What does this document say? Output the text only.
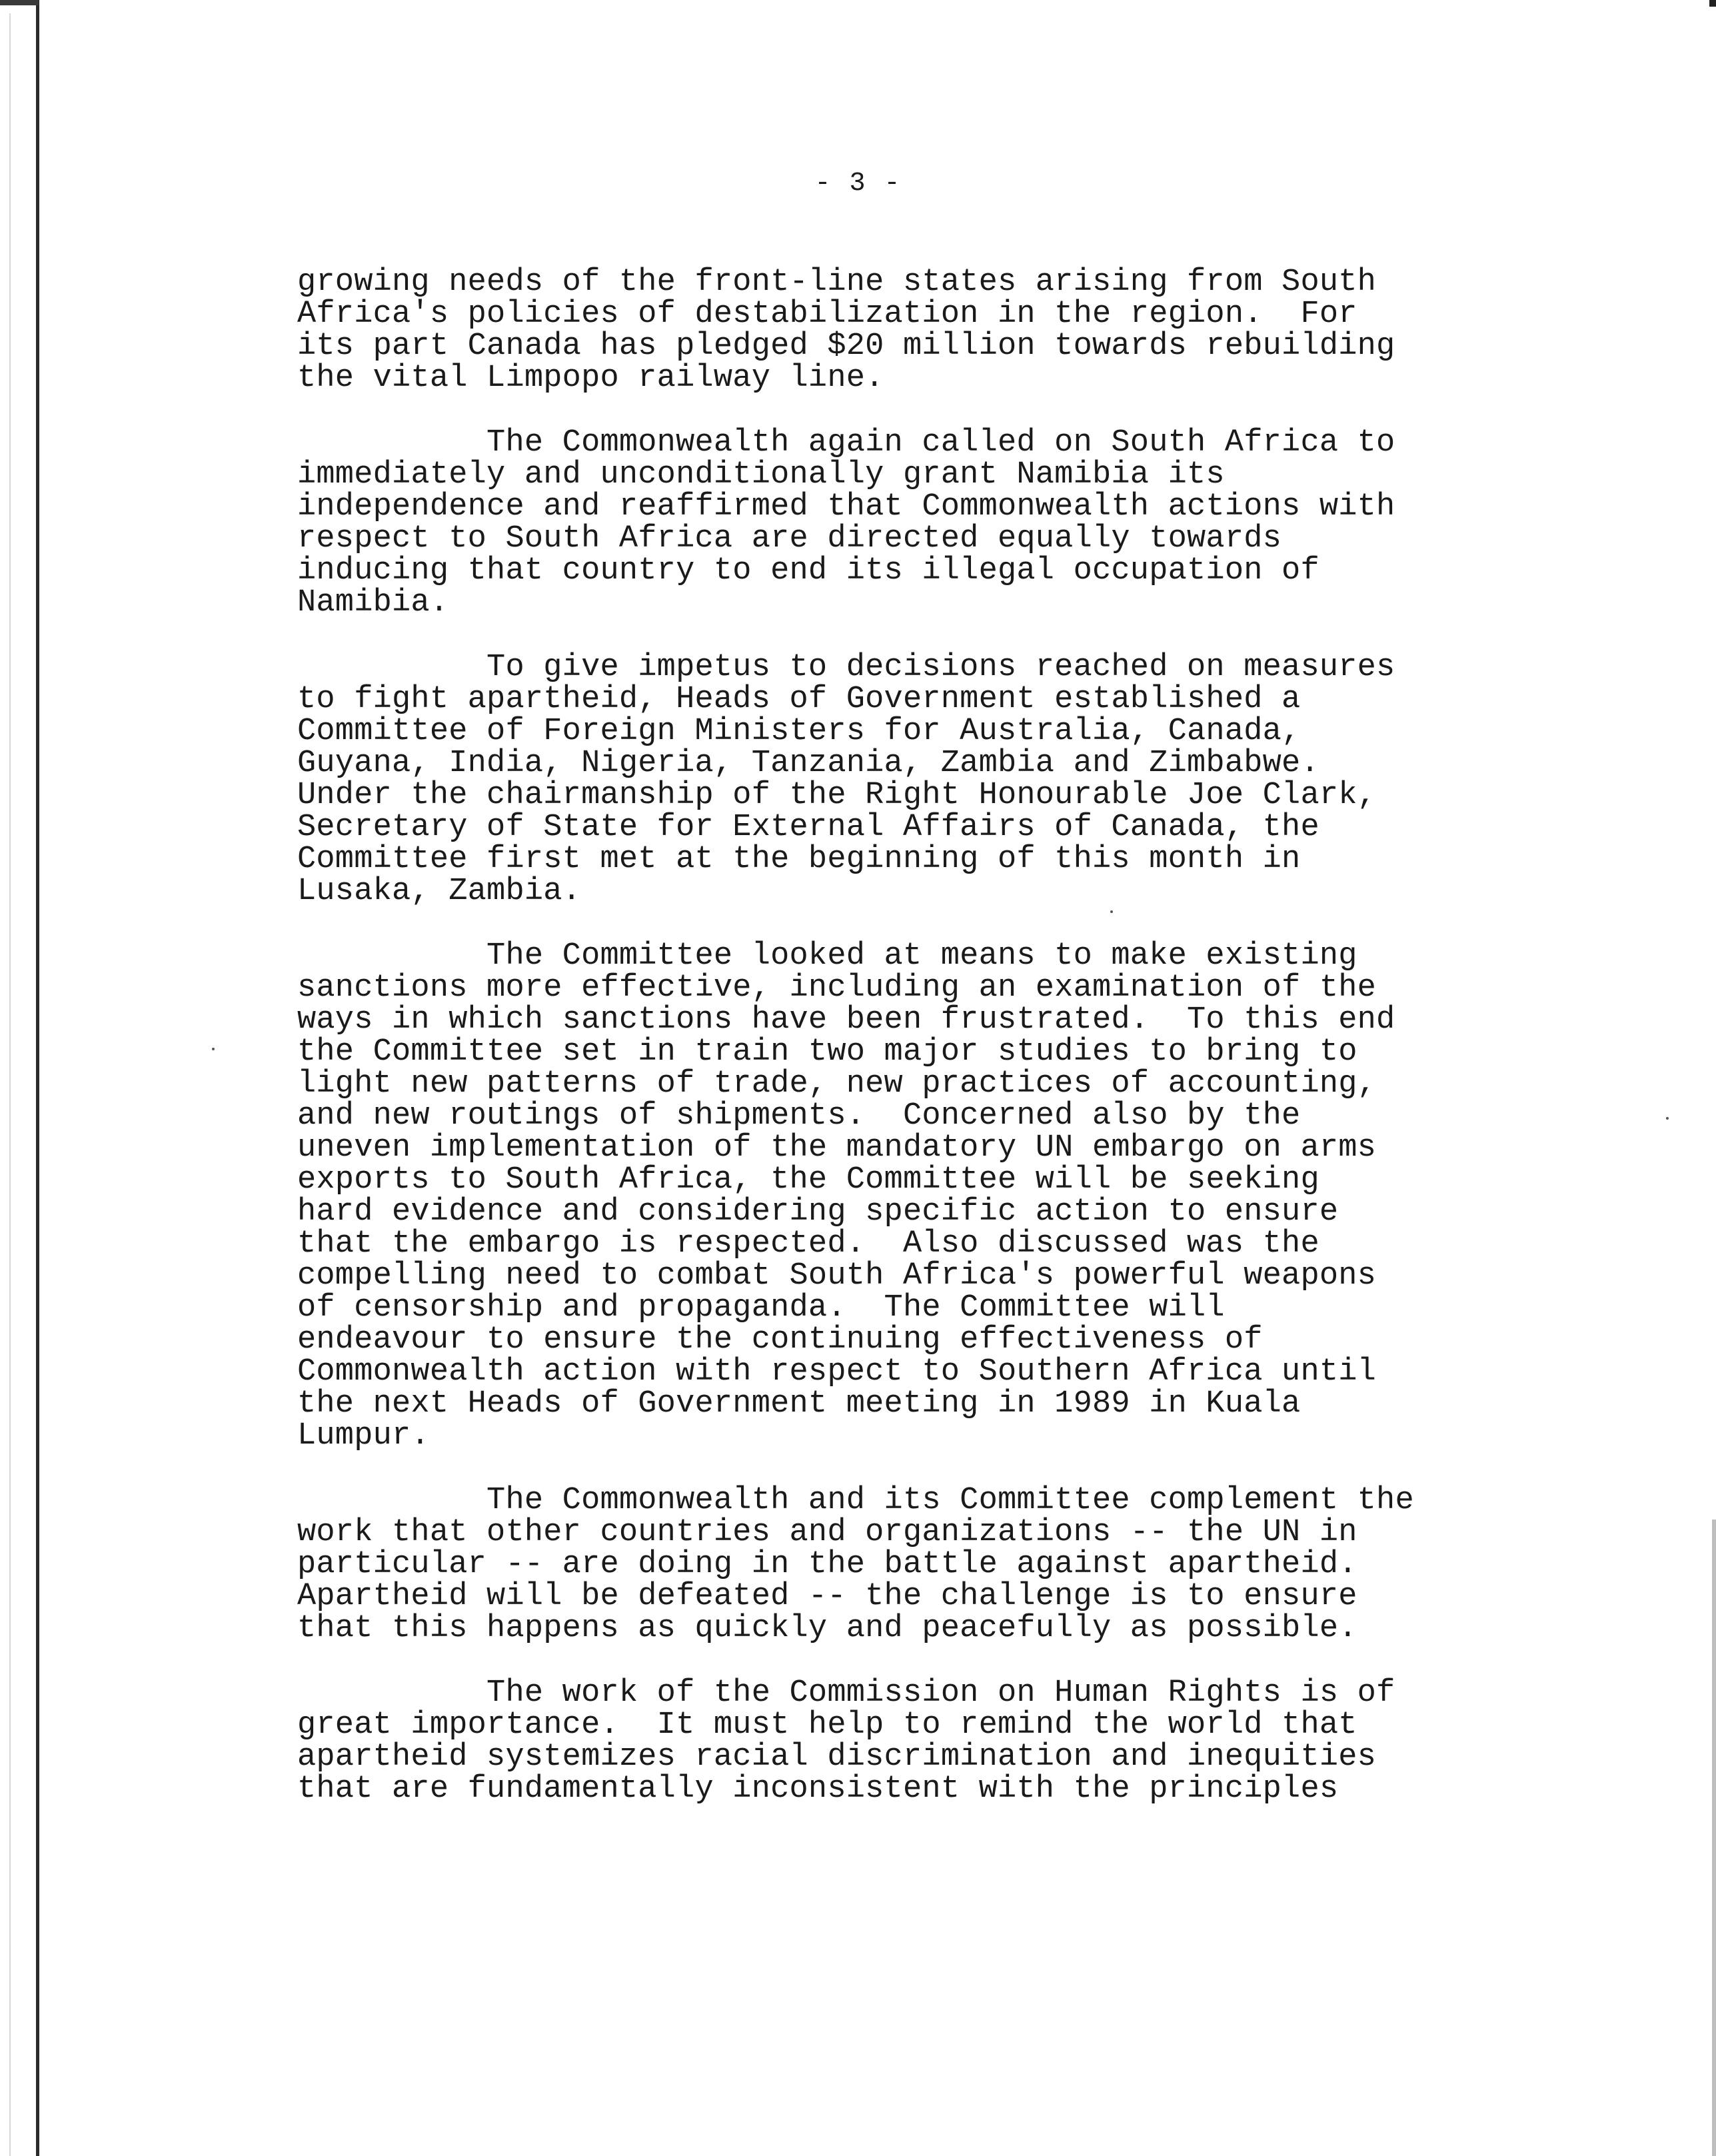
- 3 -
growing needs of the front-line states arising from South
Africa's policies of destabilization in the region.  For
its part Canada has pledged $20 million towards rebuilding
the vital Limpopo railway line.
The Commonwealth again called on South Africa to
immediately and unconditionally grant Namibia its
independence and reaffirmed that Commonwealth actions with
respect to South Africa are directed equally towards
inducing that country to end its illegal occupation of
Namibia.
To give impetus to decisions reached on measures
to fight apartheid, Heads of Government established a
Committee of Foreign Ministers for Australia, Canada,
Guyana, India, Nigeria, Tanzania, Zambia and Zimbabwe.
Under the chairmanship of the Right Honourable Joe Clark,
Secretary of State for External Affairs of Canada, the
Committee first met at the beginning of this month in
Lusaka, Zambia.
The Committee looked at means to make existing
sanctions more effective, including an examination of the
ways in which sanctions have been frustrated.  To this end
the Committee set in train two major studies to bring to
light new patterns of trade, new practices of accounting,
and new routings of shipments.  Concerned also by the
uneven implementation of the mandatory UN embargo on arms
exports to South Africa, the Committee will be seeking
hard evidence and considering specific action to ensure
that the embargo is respected.  Also discussed was the
compelling need to combat South Africa's powerful weapons
of censorship and propaganda.  The Committee will
endeavour to ensure the continuing effectiveness of
Commonwealth action with respect to Southern Africa until
the next Heads of Government meeting in 1989 in Kuala
Lumpur.
The Commonwealth and its Committee complement the
work that other countries and organizations -- the UN in
particular -- are doing in the battle against apartheid.
Apartheid will be defeated -- the challenge is to ensure
that this happens as quickly and peacefully as possible.
The work of the Commission on Human Rights is of
great importance.  It must help to remind the world that
apartheid systemizes racial discrimination and inequities
that are fundamentally inconsistent with the principles
